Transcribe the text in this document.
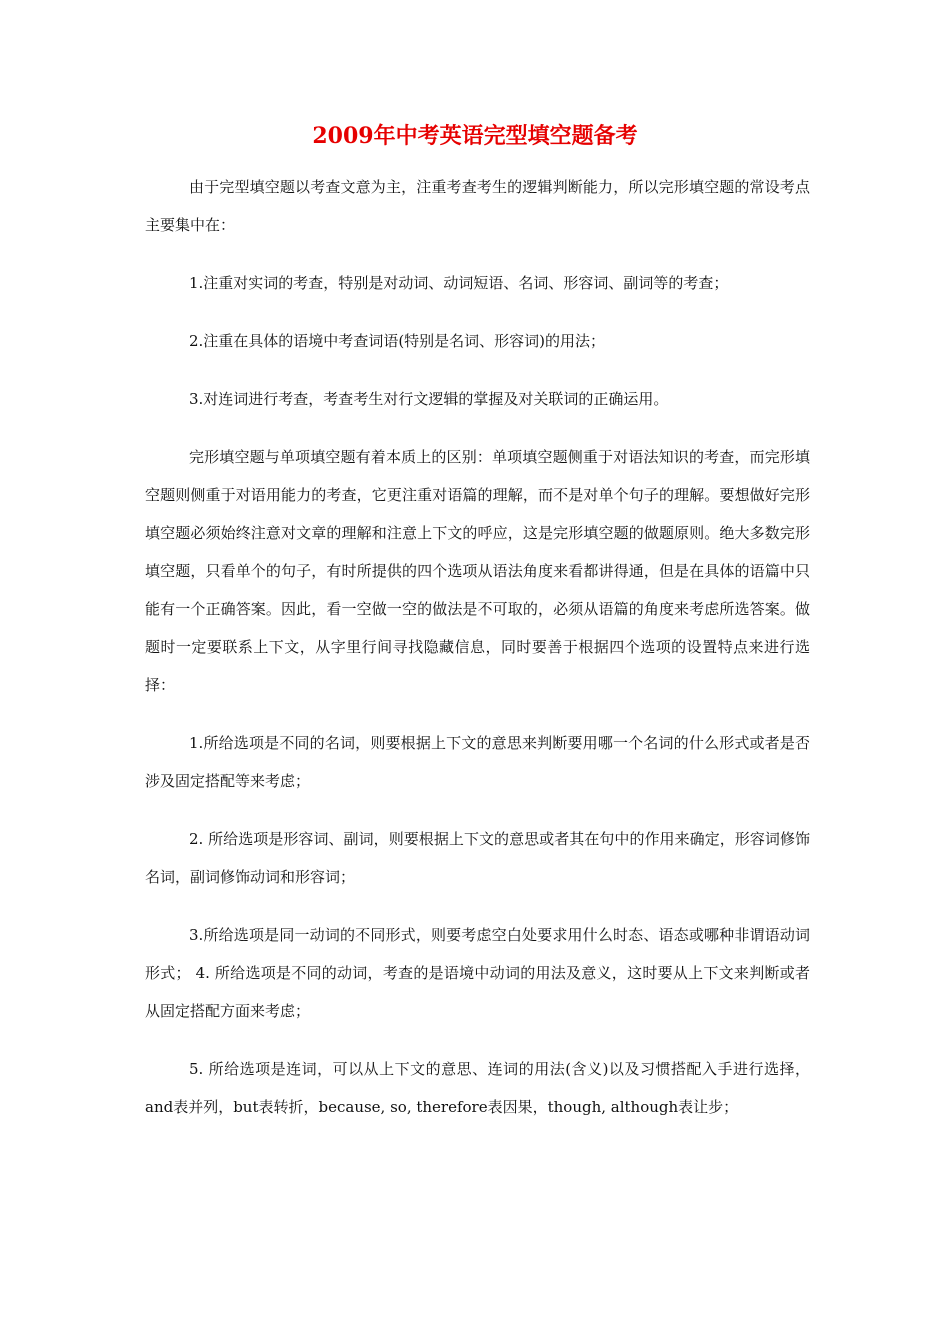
2009年中考英语完型填空题备考

由于完型填空题以考查文意为主，注重考查考生的逻辑判断能力，所以完形填空题的常设考点主要集中在：

1.注重对实词的考查，特别是对动词、动词短语、名词、形容词、副词等的考查；

2.注重在具体的语境中考查词语(特别是名词、形容词)的用法；

3.对连词进行考查，考查考生对行文逻辑的掌握及对关联词的正确运用。

完形填空题与单项填空题有着本质上的区别：单项填空题侧重于对语法知识的考查，而完形填空题则侧重于对语用能力的考查，它更注重对语篇的理解，而不是对单个句子的理解。要想做好完形填空题必须始终注意对文章的理解和注意上下文的呼应，这是完形填空题的做题原则。绝大多数完形填空题，只看单个的句子，有时所提供的四个选项从语法角度来看都讲得通，但是在具体的语篇中只能有一个正确答案。因此，看一空做一空的做法是不可取的，必须从语篇的角度来考虑所选答案。做题时一定要联系上下文，从字里行间寻找隐藏信息，同时要善于根据四个选项的设置特点来进行选择：

1.所给选项是不同的名词，则要根据上下文的意思来判断要用哪一个名词的什么形式或者是否涉及固定搭配等来考虑；

2. 所给选项是形容词、副词，则要根据上下文的意思或者其在句中的作用来确定，形容词修饰名词，副词修饰动词和形容词；

3.所给选项是同一动词的不同形式，则要考虑空白处要求用什么时态、语态或哪种非谓语动词形式； 4. 所给选项是不同的动词，考查的是语境中动词的用法及意义，这时要从上下文来判断或者从固定搭配方面来考虑；

5. 所给选项是连词，可以从上下文的意思、连词的用法(含义)以及习惯搭配入手进行选择，and表并列，but表转折，because, so, therefore表因果，though, although表让步；
